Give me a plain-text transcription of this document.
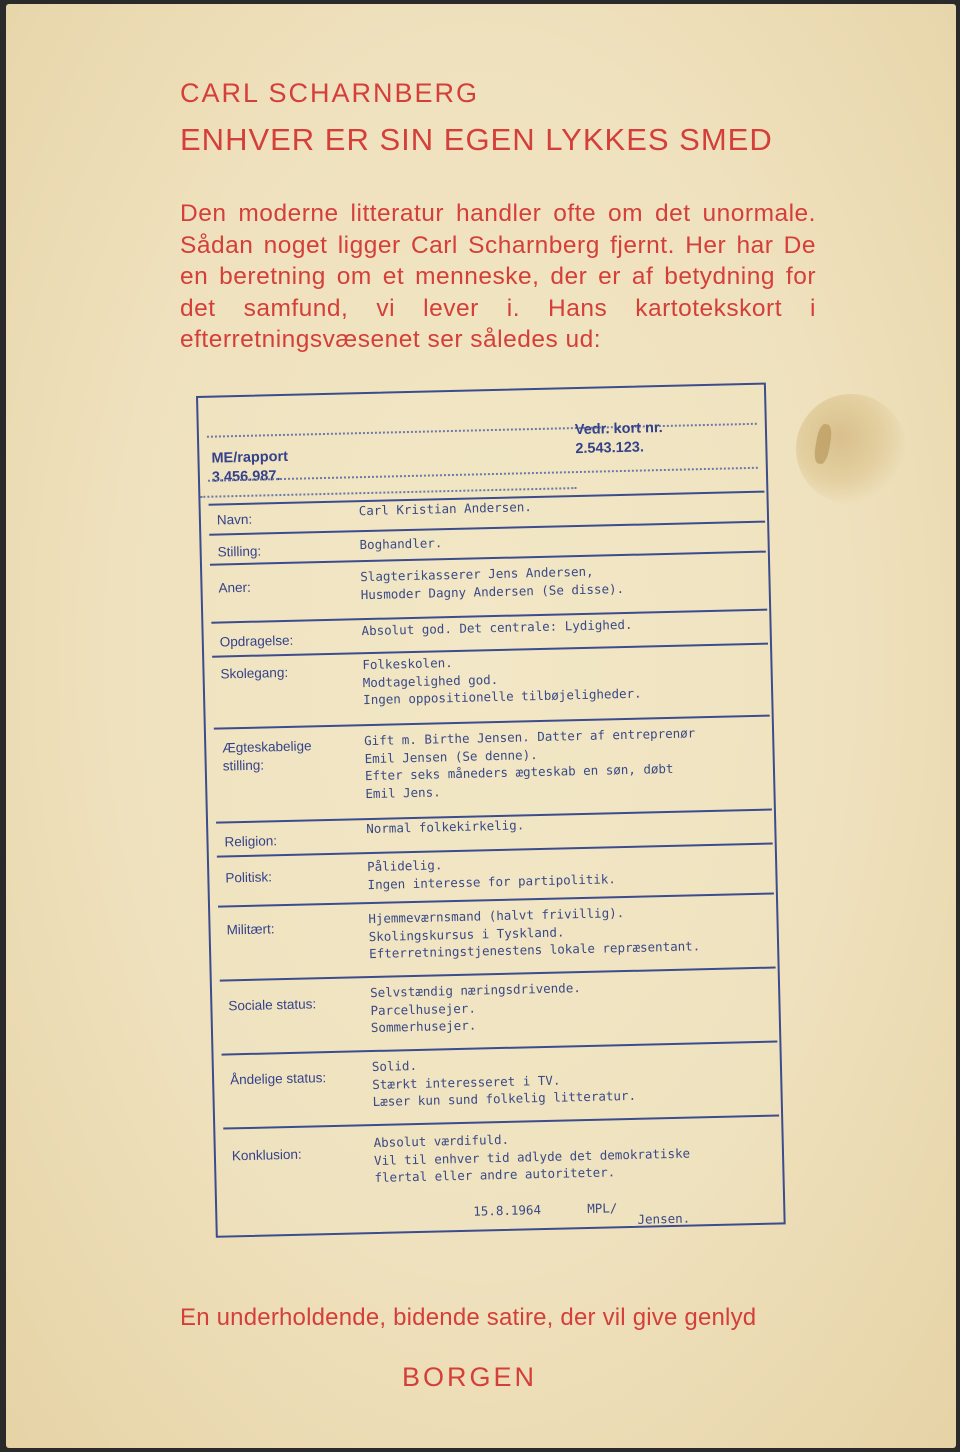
CARL SCHARNBERG
ENHVER ER SIN EGEN LYKKES SMED
Den moderne litteratur handler ofte om det unormale. Sådan noget ligger Carl Scharnberg fjernt. Her har De en beretning om et menneske, der er af betydning for det samfund, vi lever i. Hans kartotekskort i efterretningsvæsenet ser således ud:
ME/rapport
3.456.987.
Vedr. kort nr.
2.543.123.
Navn:
Carl Kristian Andersen.
Stilling:	Boghandler.
Aner:
Slagterikasserer Jens Andersen,
Husmoder Dagny Andersen (Se disse).
Opdragelse:
Absolut god. Det centrale: Lydighed.
Skolegang:
Folkeskolen.
Modtagelighed god.
Ingen oppositionelle tilbøjeligheder.
Ægteskabelige
stilling:
Gift m. Birthe Jensen. Datter af entreprenør
Emil Jensen (Se denne).
Efter seks måneders ægteskab en søn, døbt
Emil Jens.
Religion:
Normal folkekirkelig.
Politisk:
Pålidelig.
Ingen interesse for partipolitik.
Militært:
Hjemmeværnsmand (halvt frivillig).
Skolingskursus i Tyskland.
Efterretningstjenestens lokale repræsentant.
Sociale status:
Selvstændig næringsdrivende.
Parcelhusejer.
Sommerhusejer.
Åndelige status:
Solid.
Stærkt interesseret i TV.
Læser kun sund folkelig litteratur.
Konklusion:
Absolut værdifuld.
Vil til enhver tid adlyde det demokratiske
flertal eller andre autoriteter.
15.8.1964	MPL/
Jensen.
En underholdende, bidende satire, der vil give genlyd
BORGEN
